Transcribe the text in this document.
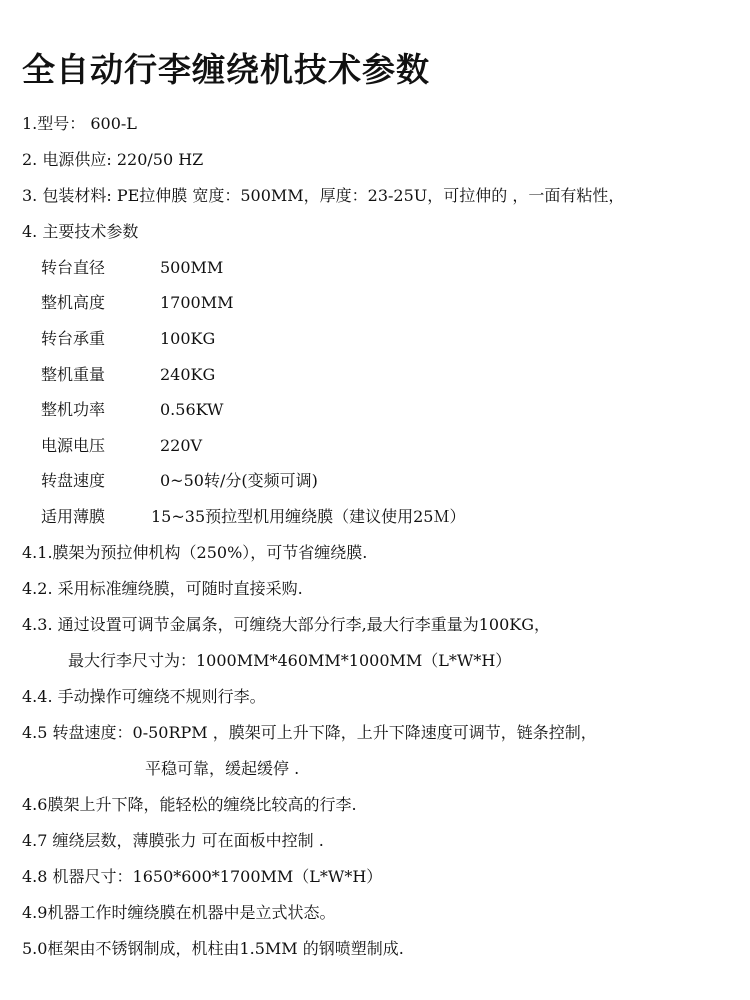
全自动行李缠绕机技术参数
1.型号： 600-L
2. 电源供应: 220/50 HZ
3. 包装材料: PE拉伸膜 宽度：500MM，厚度：23-25U，可拉伸的 ，一面有粘性，
4. 主要技术参数
转台直径	500MM
整机高度	1700MM
转台承重	100KG
整机重量	240KG
整机功率	0.56KW
电源电压	220V
转盘速度	0~50转/分(变频可调)
适用薄膜	15~35预拉型机用缠绕膜（建议使用25Ｍ）
4.1.膜架为预拉伸机构（250%），可节省缠绕膜.
4.2. 采用标准缠绕膜，可随时直接采购.
4.3. 通过设置可调节金属条，可缠绕大部分行李,最大行李重量为100KG，
最大行李尺寸为：1000MM*460MM*1000MM（L*W*H）
4.4. 手动操作可缠绕不规则行李。
4.5 转盘速度：0-50RPM ，膜架可上升下降，上升下降速度可调节，链条控制，
平稳可靠，缓起缓停 .
4.6膜架上升下降，能轻松的缠绕比较高的行李.
4.7 缠绕层数，薄膜张力 可在面板中控制 .
4.8 机器尺寸：1650*600*1700MM（L*W*H）
4.9机器工作时缠绕膜在机器中是立式状态。
5.0框架由不锈钢制成，机柱由1.5MM 的钢喷塑制成.
